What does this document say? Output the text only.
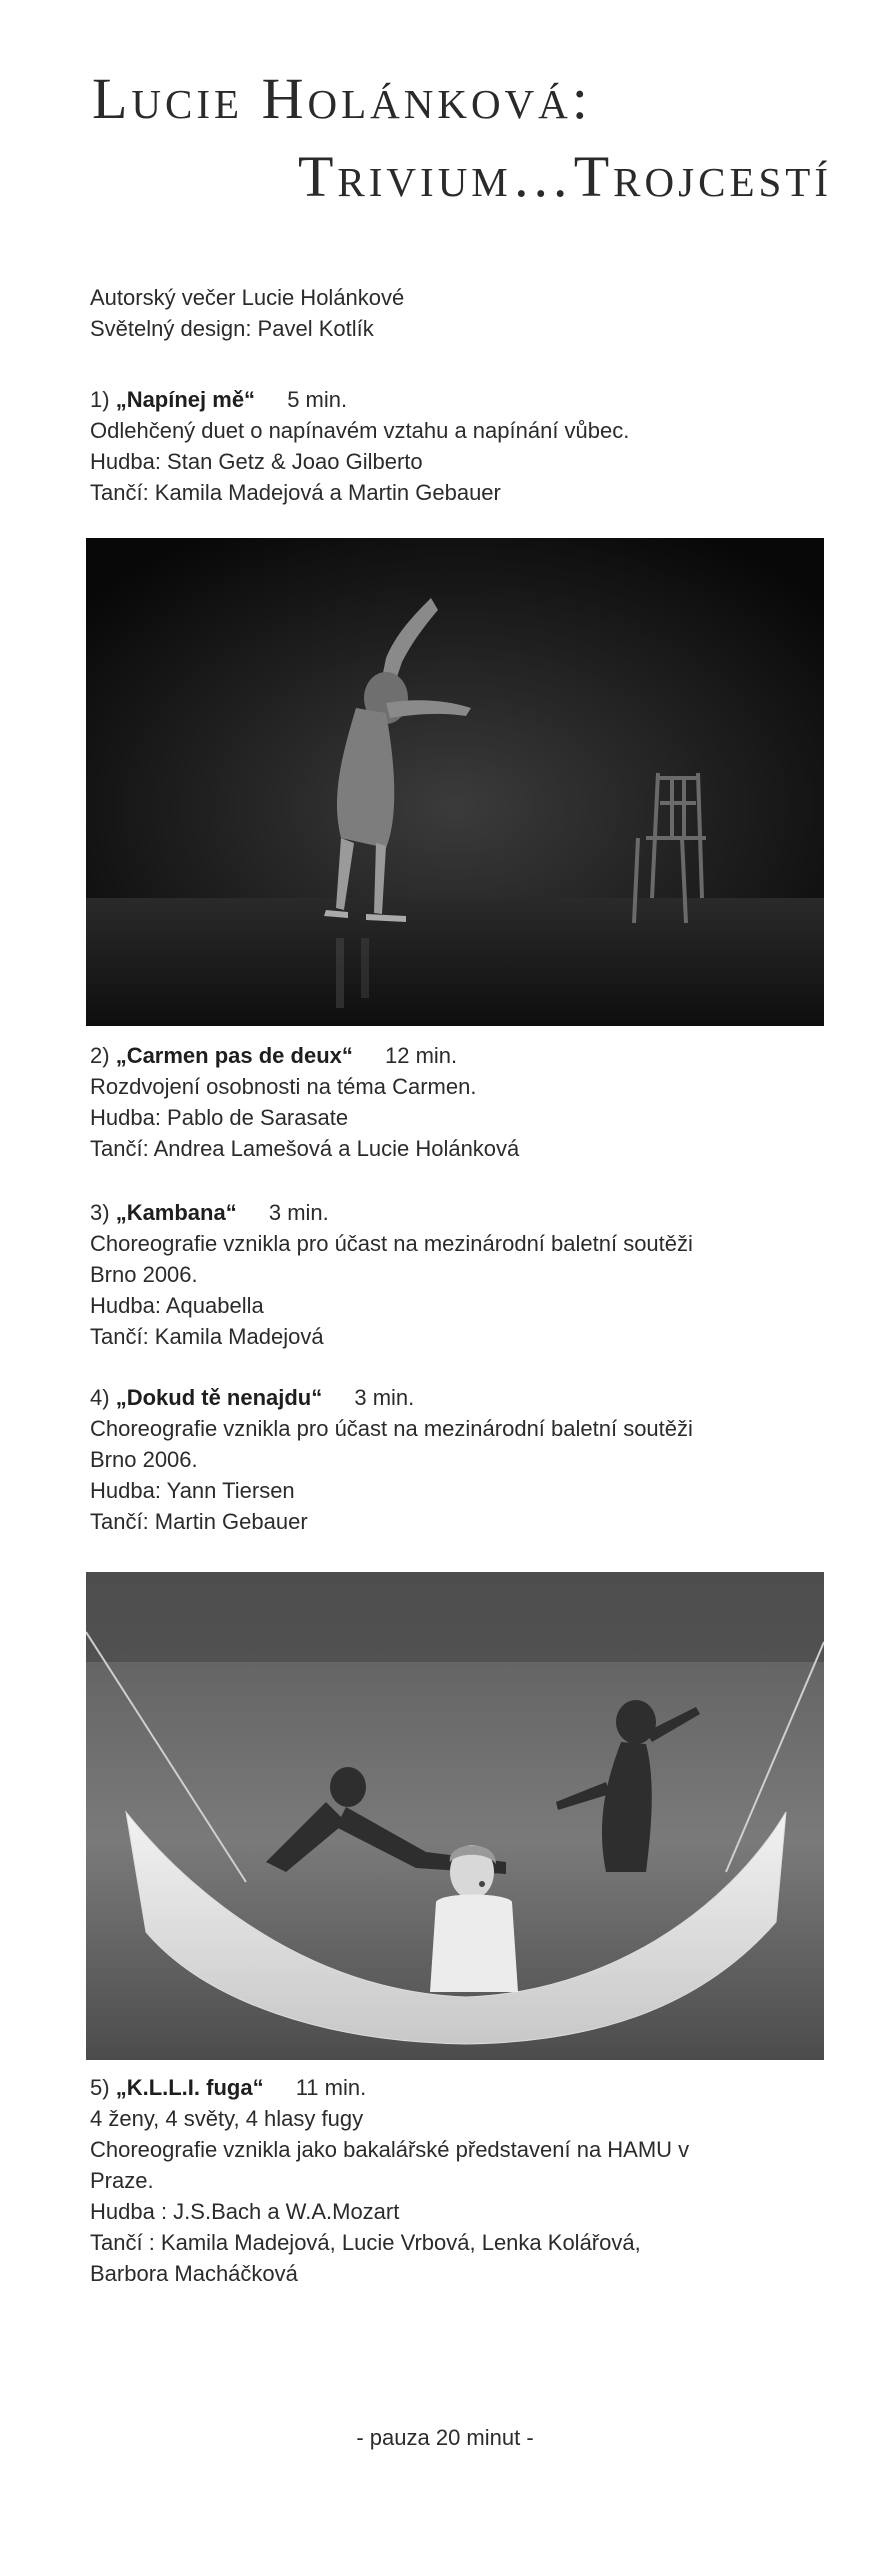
Lucie Holánková:
Trivium…Trojcestí

Autorský večer Lucie Holánkové

Světelný design: Pavel Kotlík

1) „Napínej mě“ 5 min.

Odlehčený duet o napínavém vztahu a napínání vůbec.

Hudba: Stan Getz & Joao Gilberto

Tančí: Kamila Madejová a Martin Gebauer

2) „Carmen pas de deux“ 12 min.

Rozdvojení osobnosti na téma Carmen.

Hudba: Pablo de Sarasate

Tančí: Andrea Lamešová a Lucie Holánková

3) „Kambana“ 3 min.

Choreografie vznikla pro účast na mezinárodní baletní soutěži

Brno 2006.

Hudba: Aquabella

Tančí: Kamila Madejová

4) „Dokud tě nenajdu“ 3 min.

Choreografie vznikla pro účast na mezinárodní baletní soutěži

Brno 2006.

Hudba: Yann Tiersen

Tančí: Martin Gebauer

5) „K.L.L.I. fuga“ 11 min.

4 ženy, 4 světy, 4 hlasy fugy

Choreografie vznikla jako bakalářské představení na HAMU v

Praze.

Hudba : J.S.Bach a W.A.Mozart

Tančí : Kamila Madejová, Lucie Vrbová, Lenka Kolářová,

Barbora Macháčková

- pauza 20 minut -
